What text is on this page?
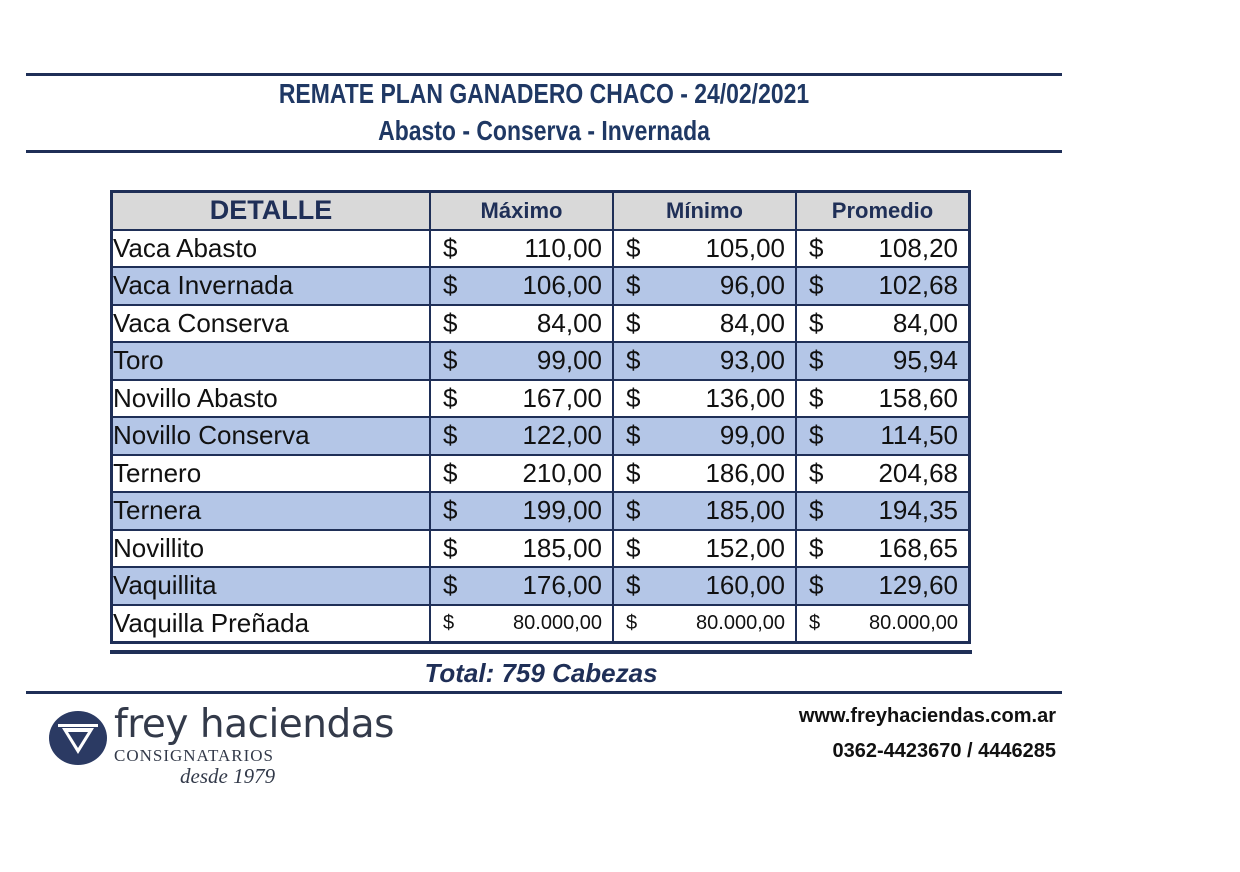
REMATE PLAN GANADERO CHACO - 24/02/2021
Abasto - Conserva - Invernada
DETALLE	Máximo	Mínimo	Promedio
Vaca Abasto	$ 110,00	$ 105,00	$ 108,20

Vaca Invernada	$ 106,00	$ 96,00	$ 102,68

Vaca Conserva	$ 84,00	$ 84,00	$ 84,00

Toro	$ 99,00	$ 93,00	$ 95,94

Novillo Abasto	$ 167,00	$ 136,00	$ 158,60

Novillo Conserva	$ 122,00	$ 99,00	$ 114,50

Ternero	$ 210,00	$ 186,00	$ 204,68

Ternera	$ 199,00	$ 185,00	$ 194,35

Novillito	$ 185,00	$ 152,00	$ 168,65

Vaquillita	$ 176,00	$ 160,00	$ 129,60

Vaquilla Preñada	$ 80.000,00	$ 80.000,00	$ 80.000,00
Total: 759 Cabezas
frey haciendas
CONSIGNATARIOS
desde 1979
www.freyhaciendas.com.ar
0362-4423670 / 4446285
